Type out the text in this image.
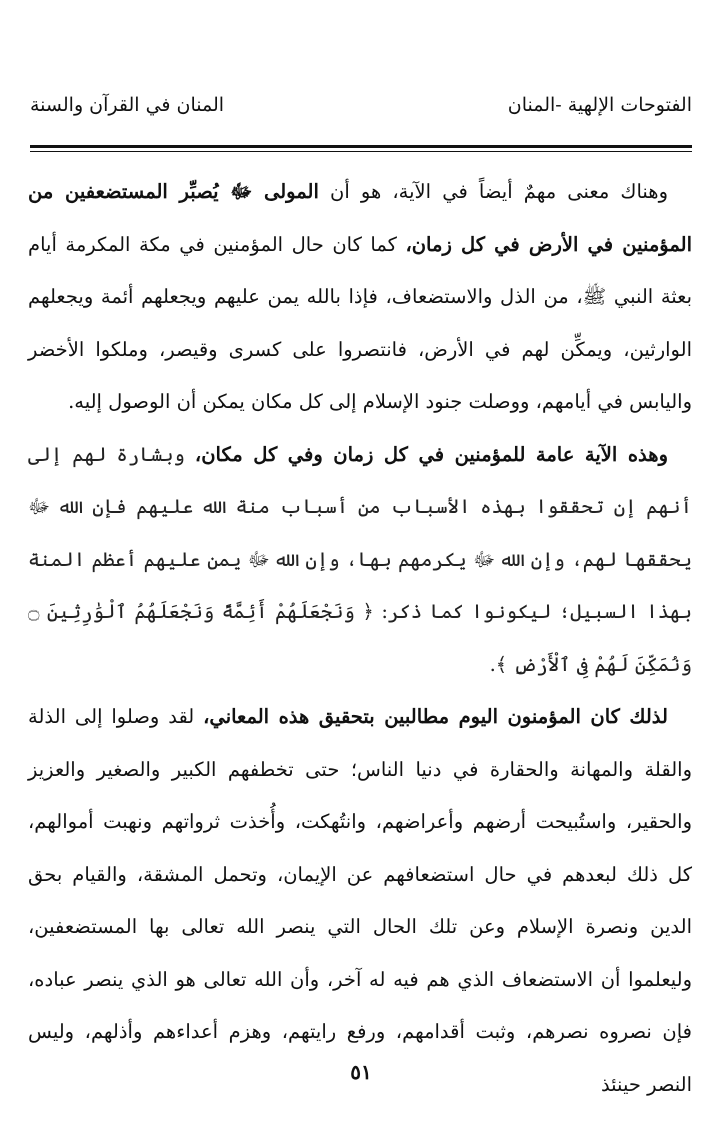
الفتوحات الإلهية -المنان
المنان في القرآن والسنة

وهناك معنى مهمٌ أيضاً في الآية، هو أن المولى ﷻ يُصبِّر المستضعفين من المؤمنين في الأرض في كل زمان، كما كان حال المؤمنين في مكة المكرمة أيام بعثة النبي ﷺ، من الذل والاستضعاف، فإذا بالله يمن عليهم ويجعلهم أئمة ويجعلهم الوارثين، ويمكِّن لهم في الأرض، فانتصروا على كسرى وقيصر، وملكوا الأخضر واليابس في أيامهم، ووصلت جنود الإسلام إلى كل مكان يمكن أن الوصول إليه.

وهذه الآية عامة للمؤمنين في كل زمان وفي كل مكان، وبشارة لهم إلى أنهم إن تحققوا بهذه الأسباب من أسباب منة الله عليهم فإن الله ﷻ يحققها لهم، وإن الله ﷻ يكرمهم بها، وإن الله ﷻ يمن عليهم أعظم المنة بهذا السبيل؛ ليكونوا كما ذكر: ﴿ وَنَجْعَلَهُمْ أَئِمَّةً وَنَجْعَلَهُمُ ٱلْوَٰرِثِينَ ۝ وَنُمَكِّنَ لَهُمْ فِى ٱلْأَرْضِ ﴾.

لذلك كان المؤمنون اليوم مطالبين بتحقيق هذه المعاني، لقد وصلوا إلى الذلة والقلة والمهانة والحقارة في دنيا الناس؛ حتى تخطفهم الكبير والصغير والعزيز والحقير، واستُبيحت أرضهم وأعراضهم، وانتُهكت، وأُخذت ثرواتهم ونهبت أموالهم، كل ذلك لبعدهم في حال استضعافهم عن الإيمان، وتحمل المشقة، والقيام بحق الدين ونصرة الإسلام وعن تلك الحال التي ينصر الله تعالى بها المستضعفين، وليعلموا أن الاستضعاف الذي هم فيه له آخر، وأن الله تعالى هو الذي ينصر عباده، فإن نصروه نصرهم، وثبت أقدامهم، ورفع رايتهم، وهزم أعداءهم وأذلهم، وليس النصر حينئذ

٥١
